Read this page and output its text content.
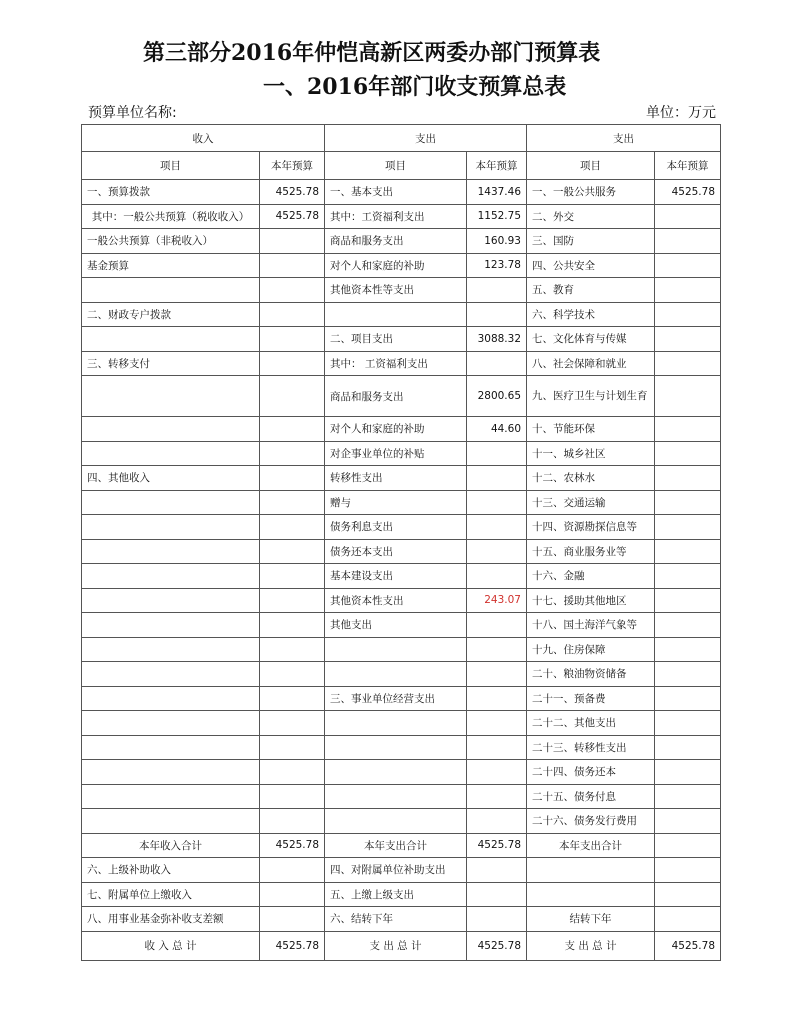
第三部分2016年仲恺高新区两委办部门预算表
一、2016年部门收支预算总表
预算单位名称:	单位：万元
收入		支出		支出	
项目	本年预算	项目	本年预算	项目	本年预算
一、预算拨款	4525.78	一、基本支出	1437.46	一、一般公共服务	4525.78
其中：一般公共预算（税收收入）	4525.78	其中：工资福利支出	1152.75	二、外交	
一般公共预算（非税收入）		商品和服务支出	160.93	三、国防	
基金预算		对个人和家庭的补助	123.78	四、公共安全	
		其他资本性等支出		五、教育	
二、财政专户拨款				六、科学技术	
		二、项目支出	3088.32	七、文化体育与传媒	
三、转移支付		其中： 工资福利支出		八、社会保障和就业	
		商品和服务支出	2800.65	九、医疗卫生与计划生育	
		对个人和家庭的补助	44.60	十、节能环保	
		对企事业单位的补贴		十一、城乡社区	
四、其他收入		转移性支出		十二、农林水	
		赠与		十三、交通运输	
		债务利息支出		十四、资源勘探信息等	
		债务还本支出		十五、商业服务业等	
		基本建设支出		十六、金融	
		其他资本性支出	243.07	十七、援助其他地区	
		其他支出		十八、国土海洋气象等	
				十九、住房保障	
				二十、粮油物资储备	
		三、事业单位经营支出		二十一、预备费	
				二十二、其他支出	
				二十三、转移性支出	
				二十四、债务还本	
				二十五、债务付息	
				二十六、债务发行费用	
本年收入合计	4525.78	本年支出合计	4525.78	本年支出合计	
六、上级补助收入		四、对附属单位补助支出			
七、附属单位上缴收入		五、上缴上级支出			
八、用事业基金弥补收支差额		六、结转下年		结转下年	
收 入 总 计	4525.78	支 出 总 计	4525.78	支 出 总 计	4525.78
